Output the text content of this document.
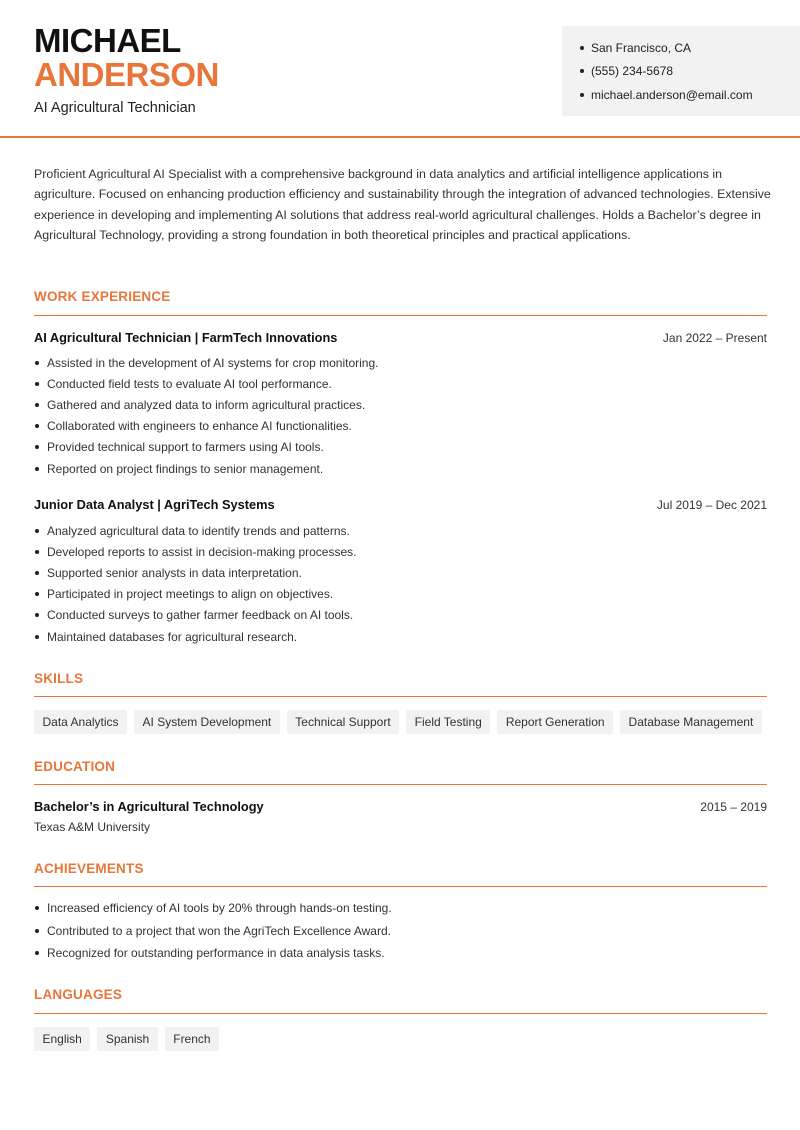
MICHAEL
ANDERSON
AI Agricultural Technician
San Francisco, CA
(555) 234-5678
michael.anderson@email.com

Proficient Agricultural AI Specialist with a comprehensive background in data analytics and artificial intelligence applications in agriculture. Focused on enhancing production efficiency and sustainability through the integration of advanced technologies. Extensive experience in developing and implementing AI solutions that address real-world agricultural challenges. Holds a Bachelor’s degree in Agricultural Technology, providing a strong foundation in both theoretical principles and practical applications.

WORK EXPERIENCE
AI Agricultural Technician | FarmTech Innovations	Jan 2022 – Present
Assisted in the development of AI systems for crop monitoring.
Conducted field tests to evaluate AI tool performance.
Gathered and analyzed data to inform agricultural practices.
Collaborated with engineers to enhance AI functionalities.
Provided technical support to farmers using AI tools.
Reported on project findings to senior management.
Junior Data Analyst | AgriTech Systems	Jul 2019 – Dec 2021
Analyzed agricultural data to identify trends and patterns.
Developed reports to assist in decision-making processes.
Supported senior analysts in data interpretation.
Participated in project meetings to align on objectives.
Conducted surveys to gather farmer feedback on AI tools.
Maintained databases for agricultural research.
SKILLS
Data Analytics	AI System Development	Technical Support	Field Testing	Report Generation	Database Management
EDUCATION
Bachelor’s in Agricultural Technology	2015 – 2019
Texas A&M University
ACHIEVEMENTS
Increased efficiency of AI tools by 20% through hands-on testing.
Contributed to a project that won the AgriTech Excellence Award.
Recognized for outstanding performance in data analysis tasks.
LANGUAGES
English	Spanish	French
